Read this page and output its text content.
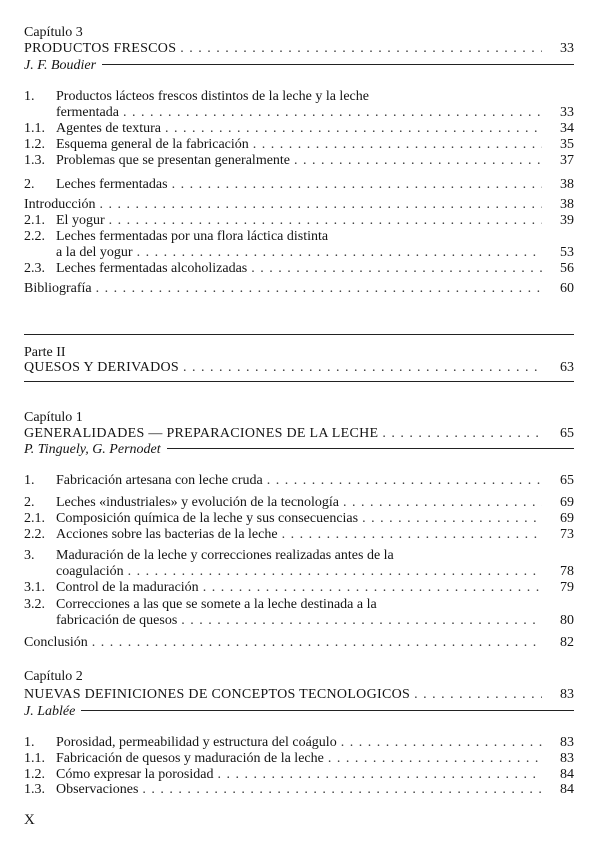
Capítulo 3
PRODUCTOS FRESCOS . . .	33
J. F. Boudier
1.	Productos lácteos frescos distintos de la leche y la leche
fermentada . . .	33
1.1. Agentes de textura . . .	34
1.2. Esquema general de la fabricación . . .	35
1.3. Problemas que se presentan generalmente . . .	37
2.	Leches fermentadas . . .	38
Introducción . . .	38
2.1. El yogur . . .	39
2.2. Leches fermentadas por una flora láctica distinta
a la del yogur . . .	53
2.3. Leches fermentadas alcoholizadas . . .	56
Bibliografía . . .	60
Parte II
QUESOS Y DERIVADOS . . .	63
Capítulo 1
GENERALIDADES — PREPARACIONES DE LA LECHE . . .	65
P. Tinguely, G. Pernodet
1.	Fabricación artesana con leche cruda . . .	65
2.	Leches «industriales» y evolución de la tecnología . . .	69
2.1. Composición química de la leche y sus consecuencias . . .	69
2.2. Acciones sobre las bacterias de la leche . . .	73
3.	Maduración de la leche y correcciones realizadas antes de la
coagulación . . .	78
3.1. Control de la maduración . . .	79
3.2. Correcciones a las que se somete a la leche destinada a la
fabricación de quesos . . .	80
Conclusión . . .	82
Capítulo 2
NUEVAS DEFINICIONES DE CONCEPTOS TECNOLOGICOS . . .	83
J. Lablée
1.	Porosidad, permeabilidad y estructura del coágulo . . .	83
1.1. Fabricación de quesos y maduración de la leche . . .	83
1.2. Cómo expresar la porosidad . . .	84
1.3. Observaciones . . .	84
X
